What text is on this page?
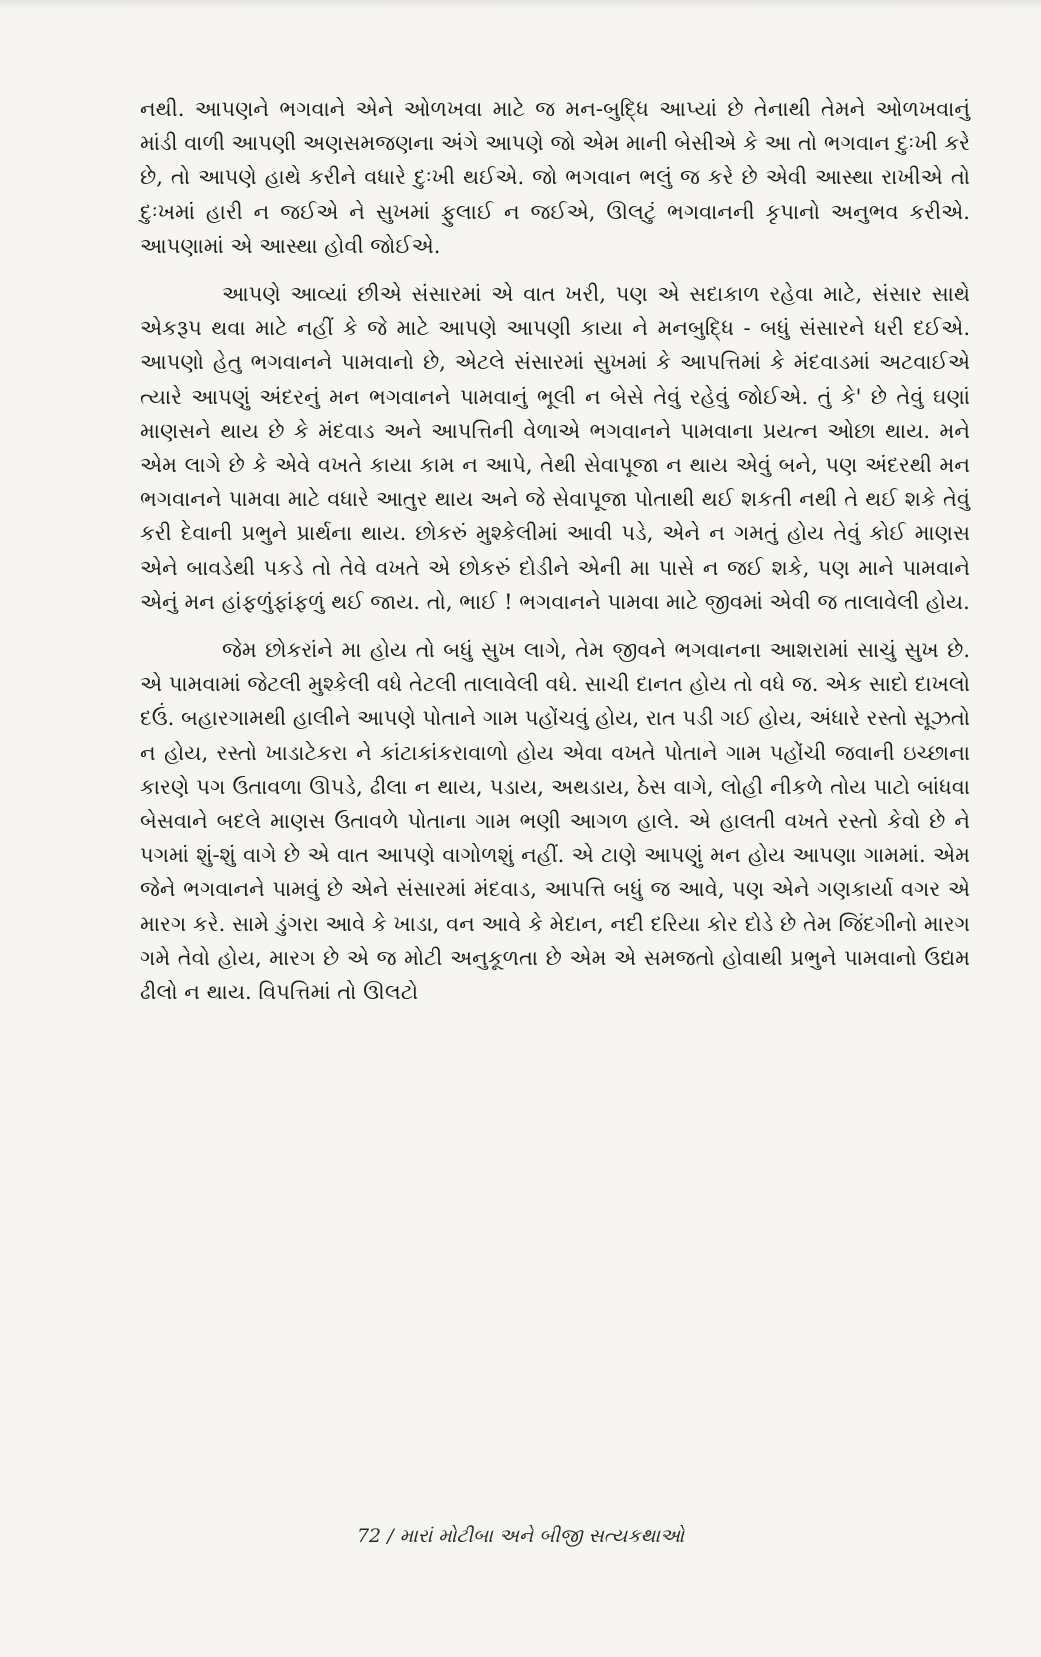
નથી. આપણને ભગવાને એને ઓળખવા માટે જ મન-બુદ્ધિ આપ્યાં છે તેનાથી તેમને ઓળખવાનું માંડી વાળી આપણી અણસમજણના અંગે આપણે જો એમ માની બેસીએ કે આ તો ભગવાન દુઃખી કરે છે, તો આપણે હાથે કરીને વધારે દુઃખી થઈએ. જો ભગવાન ભલું જ કરે છે એવી આસ્થા રાખીએ તો દુઃખમાં હારી ન જઈએ ને સુખમાં ફુલાઈ ન જઈએ, ઊલટું ભગવાનની કૃપાનો અનુભવ કરીએ. આપણામાં એ આસ્થા હોવી જોઈએ.

આપણે આવ્યાં છીએ સંસારમાં એ વાત ખરી, પણ એ સદાકાળ રહેવા માટે, સંસાર સાથે એકરૂપ થવા માટે નહીં કે જે માટે આપણે આપણી કાયા ને મનબુદ્ધિ - બધું સંસારને ધરી દઈએ. આપણો હેતુ ભગવાનને પામવાનો છે, એટલે સંસારમાં સુખમાં કે આપત્તિમાં કે મંદવાડમાં અટવાઈએ ત્યારે આપણું અંદરનું મન ભગવાનને પામવાનું ભૂલી ન બેસે તેવું રહેવું જોઈએ. તું કે' છે તેવું ઘણાં માણસને થાય છે કે મંદવાડ અને આપત્તિની વેળાએ ભગવાનને પામવાના પ્રયત્ન ઓછા થાય. મને એમ લાગે છે કે એવે વખતે કાયા કામ ન આપે, તેથી સેવાપૂજા ન થાય એવું બને, પણ અંદરથી મન ભગવાનને પામવા માટે વધારે આતુર થાય અને જે સેવાપૂજા પોતાથી થઈ શકતી નથી તે થઈ શકે તેવું કરી દેવાની પ્રભુને પ્રાર્થના થાય. છોકરું મુશ્કેલીમાં આવી પડે, એને ન ગમતું હોય તેવું કોઈ માણસ એને બાવડેથી પકડે તો તેવે વખતે એ છોકરું દોડીને એની મા પાસે ન જઈ શકે, પણ માને પામવાને એનું મન હાંફળુંફાંફળું થઈ જાય. તો, ભાઈ ! ભગવાનને પામવા માટે જીવમાં એવી જ તાલાવેલી હોય.

જેમ છોકરાંને મા હોય તો બધું સુખ લાગે, તેમ જીવને ભગવાનના આશરામાં સાચું સુખ છે. એ પામવામાં જેટલી મુશ્કેલી વધે તેટલી તાલાવેલી વધે. સાચી દાનત હોય તો વધે જ. એક સાદો દાખલો દઉં. બહારગામથી હાલીને આપણે પોતાને ગામ પહોંચવું હોય, રાત પડી ગઈ હોય, અંધારે રસ્તો સૂઝતો ન હોય, રસ્તો ખાડાટેકરા ને કાંટાકાંકરાવાળો હોય એવા વખતે પોતાને ગામ પહોંચી જવાની ઇચ્છાના કારણે પગ ઉતાવળા ઊપડે, ઢીલા ન થાય, પડાય, અથડાય, ઠેસ વાગે, લોહી નીકળે તોય પાટો બાંધવા બેસવાને બદલે માણસ ઉતાવળે પોતાના ગામ ભણી આગળ હાલે. એ હાલતી વખતે રસ્તો કેવો છે ને પગમાં શું-શું વાગે છે એ વાત આપણે વાગોળશું નહીં. એ ટાણે આપણું મન હોય આપણા ગામમાં. એમ જેને ભગવાનને પામવું છે એને સંસારમાં મંદવાડ, આપત્તિ બધું જ આવે, પણ એને ગણકાર્યા વગર એ મારગ કરે. સામે ડુંગરા આવે કે ખાડા, વન આવે કે મેદાન, નદી દરિયા કોર દોડે છે તેમ જિંદગીનો મારગ ગમે તેવો હોય, મારગ છે એ જ મોટી અનુકૂળતા છે એમ એ સમજતો હોવાથી પ્રભુને પામવાનો ઉદ્યમ ઢીલો ન થાય. વિપત્તિમાં તો ઊલટો

72 / મારાં મોટીબા અને બીજી સત્યકથાઓ
